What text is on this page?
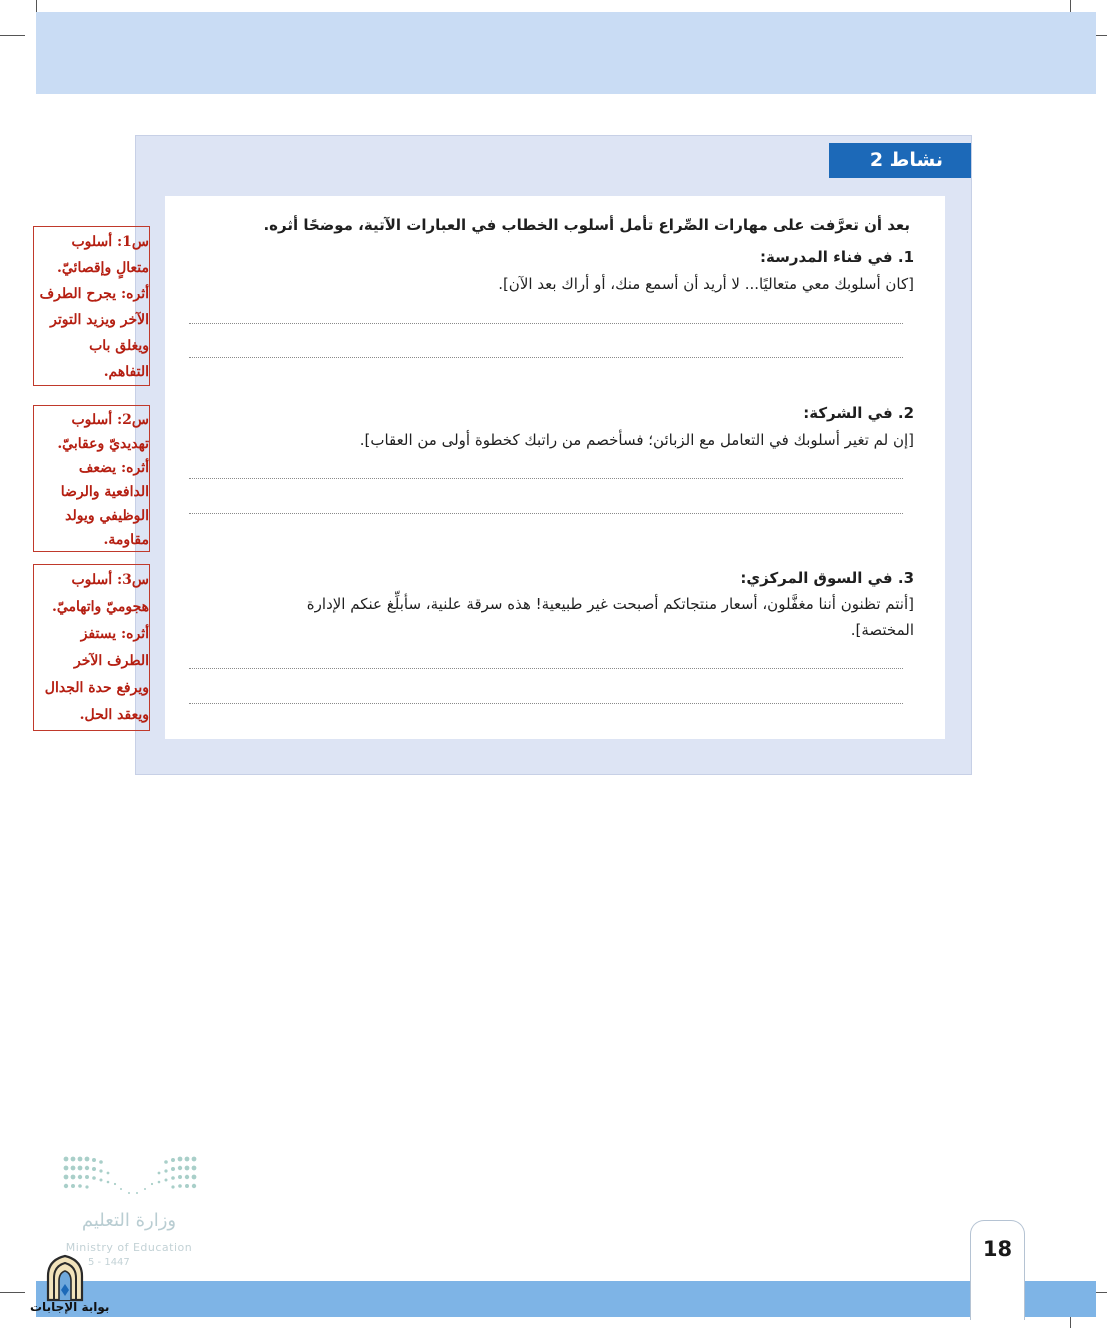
نشاط 2
بعد أن تعرَّفت على مهارات الصِّراع تأمل أسلوب الخطاب في العبارات الآتية، موضحًا أثره.
1. في فناء المدرسة:
[كان أسلوبك معي متعاليًا... لا أريد أن أسمع منك، أو أراك بعد الآن].
2. في الشركة:
[إن لم تغير أسلوبك في التعامل مع الزبائن؛ فسأخصم من راتبك كخطوة أولى من العقاب].
3. في السوق المركزي:
[أنتم تظنون أننا مغفَّلون، أسعار منتجاتكم أصبحت غير طبيعية! هذه سرقة علنية، سأبلِّغ عنكم الإدارة
المختصة].
س1: أسلوب
متعالٍ وإقصائيّ.
أثره: يجرح الطرف
الآخر ويزيد التوتر
ويغلق باب
التفاهم.
س2: أسلوب
تهديديّ وعقابيّ.
أثره: يضعف
الدافعية والرضا
الوظيفي ويولد
مقاومة.
س3: أسلوب
هجوميّ واتهاميّ.
أثره: يستفز
الطرف الآخر
ويرفع حدة الجدال
ويعقد الحل.
وزارة التعليم
Ministry of Education
5 - 1447
18
بوابة الإجابات
